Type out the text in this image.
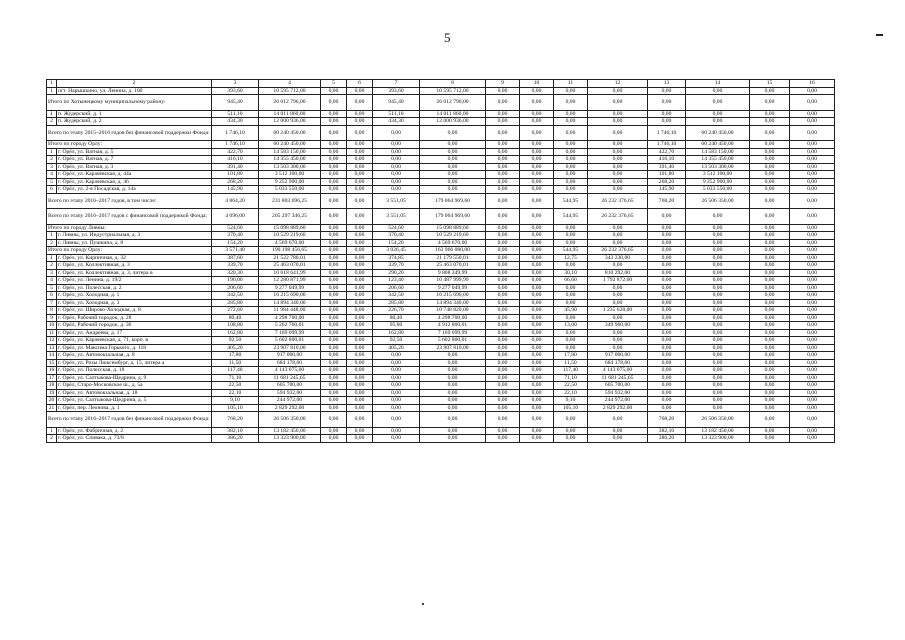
5
1	2	3	4	5	6	7	8	9	10	11	12	13	14	15	16
1	пгт. Нарышкино, ул. Ленина, д. 100	393,60	10 595 712,00	0,00	0,00	393,60	10 595 712,00	0,00	0,00	0,00	0,00	0,00	0,00	0,00	0,00
Итого по Хотынецкому муниципальному району:		945,40	26 012 796,00	0,00	0,00	945,40	26 012 796,00	0,00	0,00	0,00	0,00	0,00	0,00	0,00	0,00
1	п. Жудерский, д. 1	511,10	14 011 860,00	0,00	0,00	511,10	14 011 860,00	0,00	0,00	0,00	0,00	0,00	0,00	0,00	0,00
2	п. Жудерский, д. 2	434,30	12 000 936,00	0,00	0,00	434,30	12 000 936,00	0,00	0,00	0,00	0,00	0,00	0,00	0,00	0,00
Всего по этапу 2015–2016 годов без финансовой поддержки Фонда:		1 746,10	60 240 450,00	0,00	0,00	0,00	0,00	0,00	0,00	0,00	0,00	1 746,10	60 240 450,00	0,00	0,00
Итого по городу Орлу:		1 746,10	60 240 450,00	0,00	0,00	0,00	0,00	0,00	0,00	0,00	0,00	1 746,10	60 240 450,00	0,00	0,00
1	г. Орёл, ул. Ватная, д. 5	422,70	14 583 150,00	0,00	0,00	0,00	0,00	0,00	0,00	0,00	0,00	422,70	14 583 150,00	0,00	0,00
2	г. Орёл, ул. Ватная, д. 7	416,10	14 355 450,00	0,00	0,00	0,00	0,00	0,00	0,00	0,00	0,00	416,10	14 355 450,00	0,00	0,00
3	г. Орёл, ул. Ватная, д. 3	391,40	13 503 300,00	0,00	0,00	0,00	0,00	0,00	0,00	0,00	0,00	391,40	13 503 300,00	0,00	0,00
4	г. Орёл, ул. Карачевская, д. 44а	101,80	3 512 100,00	0,00	0,00	0,00	0,00	0,00	0,00	0,00	0,00	101,80	3 512 100,00	0,00	0,00
5	г. Орёл, ул. Карачевская, д. 46	268,20	9 252 900,00	0,00	0,00	0,00	0,00	0,00	0,00	0,00	0,00	268,20	9 252 900,00	0,00	0,00
6	г. Орёл, ул. 2-я Посадская, д. 14а	145,90	5 033 550,00	0,00	0,00	0,00	0,00	0,00	0,00	0,00	0,00	145,90	5 033 550,00	0,00	0,00
Всего по этапу 2016–2017 годов, в том числе:		4 864,20	231 803 696,25	0,00	0,00	3 551,05	179 064 969,60	0,00	0,00	544,95	26 232 376,65	768,20	26 506 350,00	0,00	0,00
Всего по этапу 2016–2017 годов с финансовой поддержкой Фонда:		4 096,00	205 297 346,25	0,00	0,00	3 551,05	179 064 969,60	0,00	0,00	544,95	26 232 376,65	0,00	0,00	0,00	0,00
Итого по городу Ливны:		524,60	15 098 889,60	0,00	0,00	524,60	15 098 889,60	0,00	0,00	0,00	0,00	0,00	0,00	0,00	0,00
1	г. Ливны, ул. Индустриальная, д. 3	370,40	10 529 219,60	0,00	0,00	370,40	10 529 219,60	0,00	0,00	0,00	0,00	0,00	0,00	0,00	0,00
2	г. Ливны, ул. Пушкина, д. 8	154,20	4 569 670,00	0,00	0,00	154,20	4 569 670,00	0,00	0,00	0,00	0,00	0,00	0,00	0,00	0,00
Итого по городу Орлу:		3 571,40	190 198 456,65	0,00	0,00	3 026,45	163 966 080,00	0,00	0,00	544,95	26 232 376,65	0,00	0,00	0,00	0,00
1	г. Орёл, ул. Кирпичная, д. 32	387,60	21 522 780,01	0,00	0,00	374,85	21 179 550,01	0,00	0,00	12,75	343 230,00	0,00	0,00	0,00	0,00
2	г. Орёл, ул. Коллективная, д. 3	339,70	25 463 070,01	0,00	0,00	339,70	25 463 070,01	0,00	0,00	0,00	0,00	0,00	0,00	0,00	0,00
3	г. Орёл, ул. Коллективная, д. 3, литера в	320,30	10 618 641,99	0,00	0,00	290,20	9 808 349,99	0,00	0,00	30,10	810 292,00	0,00	0,00	0,00	0,00
4	г. Орёл, ул. Ленина, д. 19/2	190,00	12 280 871,99	0,00	0,00	123,40	10 487 999,99	0,00	0,00	66,60	1 792 872,00	0,00	0,00	0,00	0,00
5	г. Орёл, ул. Полесская, д. 2	206,60	9 277 049,99	0,00	0,00	206,60	9 277 049,99	0,00	0,00	0,00	0,00	0,00	0,00	0,00	0,00
6	г. Орёл, ул. Холодная, д. 1	342,50	16 215 690,00	0,00	0,00	342,50	16 215 690,00	0,00	0,00	0,00	0,00	0,00	0,00	0,00	0,00
7	г. Орёл, ул. Холодная, д. 3	285,80	14 894 340,00	0,00	0,00	285,80	14 894 340,00	0,00	0,00	0,00	0,00	0,00	0,00	0,00	0,00
8	г. Орёл, ул. Широко-Холодная, д. 8	272,60	11 984 448,00	0,00	0,00	226,70	10 748 820,00	0,00	0,00	45,90	1 235 628,00	0,00	0,00	0,00	0,00
9	г. Орёл, Рабочий городок, д. 28	80,40	4 298 700,00	0,00	0,00	80,40	4 298 700,00	0,00	0,00	0,00	0,00	0,00	0,00	0,00	0,00
10	г. Орёл, Рабочий городок, д. 36	108,80	5 262 760,01	0,00	0,00	95,80	4 912 800,01	0,00	0,00	13,00	349 960,00	0,00	0,00	0,00	0,00
11	г. Орёл, ул. Андреева, д. 17	162,80	7 169 099,99	0,00	0,00	162,80	7 169 099,99	0,00	0,00	0,00	0,00	0,00	0,00	0,00	0,00
12	г. Орёл, ул. Карачевская, д. 71, корп. в	92,50	5 602 800,01	0,00	0,00	92,50	5 602 800,01	0,00	0,00	0,00	0,00	0,00	0,00	0,00	0,00
13	г. Орёл, ул. Максима Горького, д. 118	405,20	23 907 810,00	0,00	0,00	405,20	23 907 810,00	0,00	0,00	0,00	0,00	0,00	0,00	0,00	0,00
14	г. Орёл, ул. Автовокзальная, д. 8	17,80	917 000,00	0,00	0,00	0,00	0,00	0,00	0,00	17,80	917 000,00	0,00	0,00	0,00	0,00
15	г. Орёл, ул. Розы Люксембург, д. 15, литера а	11,50	684 178,00	0,00	0,00	0,00	0,00	0,00	0,00	11,50	684 178,00	0,00	0,00	0,00	0,00
16	г. Орёл, ул. Полесская, д. 18	117,40	4 143 075,00	0,00	0,00	0,00	0,00	0,00	0,00	117,40	4 143 075,00	0,00	0,00	0,00	0,00
17	г. Орёл, ул. Салтыкова-Щедрина, д. 9	71,10	11 681 245,65	0,00	0,00	0,00	0,00	0,00	0,00	71,10	11 681 245,65	0,00	0,00	0,00	0,00
18	г. Орёл, Старо-Московское ш., д. 5а	22,50	605 700,00	0,00	0,00	0,00	0,00	0,00	0,00	22,50	605 700,00	0,00	0,00	0,00	0,00
19	г. Орёл, ул. Автовокзальная, д. 18	22,10	594 932,00	0,00	0,00	0,00	0,00	0,00	0,00	22,10	594 932,00	0,00	0,00	0,00	0,00
20	г. Орёл, ул. Салтыкова-Щедрина, д. 5	9,10	244 972,00	0,00	0,00	0,00	0,00	0,00	0,00	9,10	244 972,00	0,00	0,00	0,00	0,00
21	г. Орёл, пер. Леонова, д. 1	105,10	2 829 292,00	0,00	0,00	0,00	0,00	0,00	0,00	105,10	2 829 292,00	0,00	0,00	0,00	0,00
Всего по этапу 2016–2017 годов без финансовой поддержки Фонда:		768,20	26 506 350,00	0,00	0,00	0,00	0,00	0,00	0,00	0,00	0,00	768,20	26 506 350,00	0,00	0,00
1	г. Орёл, ул. Фабричная, д. 2	382,10	13 182 450,00	0,00	0,00	0,00	0,00	0,00	0,00	0,00	0,00	382,10	13 182 450,00	0,00	0,00
2	г. Орёл, ул. Спивака, д. 73/8	386,20	13 323 900,00	0,00	0,00	0,00	0,00	0,00	0,00	0,00	0,00	386,20	13 323 900,00	0,00	0,00
